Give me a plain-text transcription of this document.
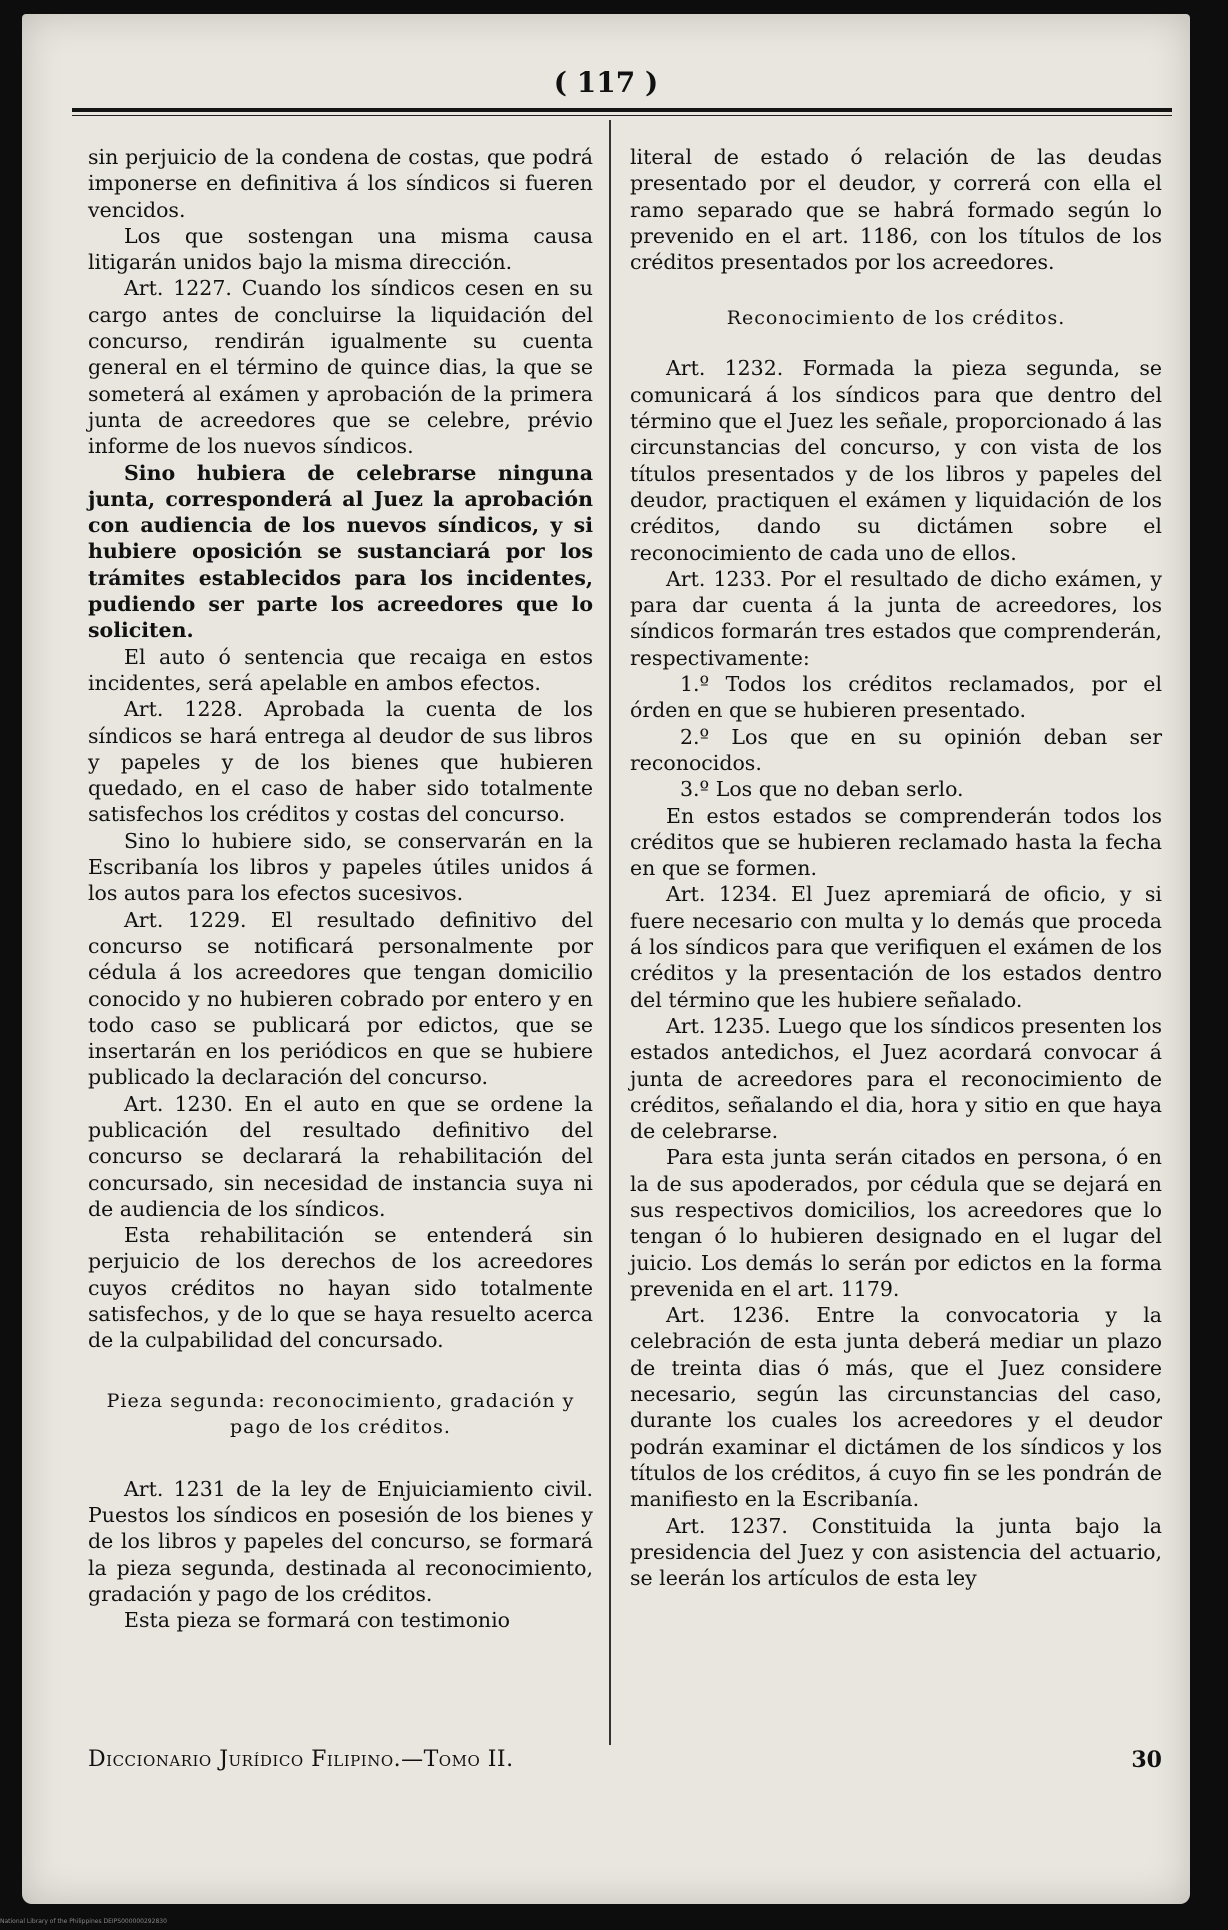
( 117 )

sin perjuicio de la condena de costas, que podrá imponerse en definitiva á los síndicos si fueren vencidos.

Los que sostengan una misma causa litigarán unidos bajo la misma dirección.

Art. 1227. Cuando los síndicos cesen en su cargo antes de concluirse la liquidación del concurso, rendirán igualmente su cuenta general en el término de quince dias, la que se someterá al exámen y aprobación de la primera junta de acreedores que se celebre, prévio informe de los nuevos síndicos.

Sino hubiera de celebrarse ninguna junta, corresponderá al Juez la aprobación con audiencia de los nuevos síndicos, y si hubiere oposición se sustanciará por los trámites establecidos para los incidentes, pudiendo ser parte los acreedores que lo soliciten.

El auto ó sentencia que recaiga en estos incidentes, será apelable en ambos efectos.

Art. 1228. Aprobada la cuenta de los síndicos se hará entrega al deudor de sus libros y papeles y de los bienes que hubieren quedado, en el caso de haber sido totalmente satisfechos los créditos y costas del concurso.

Sino lo hubiere sido, se conservarán en la Escribanía los libros y papeles útiles unidos á los autos para los efectos sucesivos.

Art. 1229. El resultado definitivo del concurso se notificará personalmente por cédula á los acreedores que tengan domicilio conocido y no hubieren cobrado por entero y en todo caso se publicará por edictos, que se insertarán en los periódicos en que se hubiere publicado la declaración del concurso.

Art. 1230. En el auto en que se ordene la publicación del resultado definitivo del concurso se declarará la rehabilitación del concursado, sin necesidad de instancia suya ni de audiencia de los síndicos.

Esta rehabilitación se entenderá sin perjuicio de los derechos de los acreedores cuyos créditos no hayan sido totalmente satisfechos, y de lo que se haya resuelto acerca de la culpabilidad del concursado.

Pieza segunda: reconocimiento, gradación y pago de los créditos.

Art. 1231 de la ley de Enjuiciamiento civil. Puestos los síndicos en posesión de los bienes y de los libros y papeles del concurso, se formará la pieza segunda, destinada al reconocimiento, gradación y pago de los créditos.

Esta pieza se formará con testimonio

literal de estado ó relación de las deudas presentado por el deudor, y correrá con ella el ramo separado que se habrá formado según lo prevenido en el art. 1186, con los títulos de los créditos presentados por los acreedores.

Reconocimiento de los créditos.

Art. 1232. Formada la pieza segunda, se comunicará á los síndicos para que dentro del término que el Juez les señale, proporcionado á las circunstancias del concurso, y con vista de los títulos presentados y de los libros y papeles del deudor, practiquen el exámen y liquidación de los créditos, dando su dictámen sobre el reconocimiento de cada uno de ellos.

Art. 1233. Por el resultado de dicho exámen, y para dar cuenta á la junta de acreedores, los síndicos formarán tres estados que comprenderán, respectivamente:

1.º Todos los créditos reclamados, por el órden en que se hubieren presentado.

2.º Los que en su opinión deban ser reconocidos.

3.º Los que no deban serlo.

En estos estados se comprenderán todos los créditos que se hubieren reclamado hasta la fecha en que se formen.

Art. 1234. El Juez apremiará de oficio, y si fuere necesario con multa y lo demás que proceda á los síndicos para que verifiquen el exámen de los créditos y la presentación de los estados dentro del término que les hubiere señalado.

Art. 1235. Luego que los síndicos presenten los estados antedichos, el Juez acordará convocar á junta de acreedores para el reconocimiento de créditos, señalando el dia, hora y sitio en que haya de celebrarse.

Para esta junta serán citados en persona, ó en la de sus apoderados, por cédula que se dejará en sus respectivos domicilios, los acreedores que lo tengan ó lo hubieren designado en el lugar del juicio. Los demás lo serán por edictos en la forma prevenida en el art. 1179.

Art. 1236. Entre la convocatoria y la celebración de esta junta deberá mediar un plazo de treinta dias ó más, que el Juez considere necesario, según las circunstancias del caso, durante los cuales los acreedores y el deudor podrán examinar el dictámen de los síndicos y los títulos de los créditos, á cuyo fin se les pondrán de manifiesto en la Escribanía.

Art. 1237. Constituida la junta bajo la presidencia del Juez y con asistencia del actuario, se leerán los artículos de esta ley

Diccionario Jurídico Filipino.—Tomo II.	30
National Library of the Philippines DEIPS000000292830
